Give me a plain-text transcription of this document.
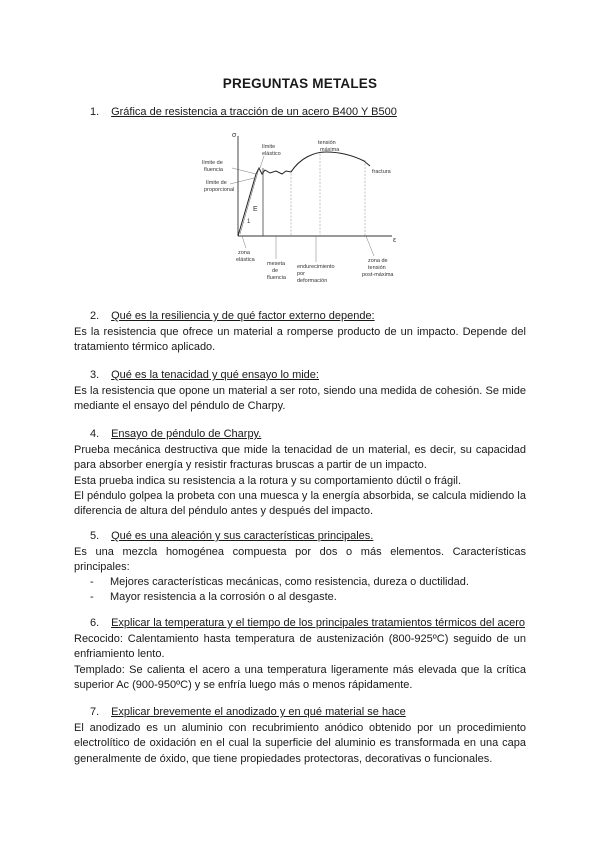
PREGUNTAS METALES
1. Gráfica de resistencia a tracción de un acero B400 Y B500
σ
ε
E
1
límite
elástico
límite de
fluencia
límite de
proporcional
tensión
máxima
fractura
zona
elástica
meseta
de
fluencia
endurecimiento
por
deformación
zona de
tensión
post-máxima
2. Qué es la resiliencia y de qué factor externo depende:

Es la resistencia que ofrece un material a romperse producto de un impacto. Depende del tratamiento térmico aplicado.

3. Qué es la tenacidad y qué ensayo lo mide:

Es la resistencia que opone un material a ser roto, siendo una medida de cohesión. Se mide mediante el ensayo del péndulo de Charpy.

4. Ensayo de péndulo de Charpy.

Prueba mecánica destructiva que mide la tenacidad de un material, es decir, su capacidad para absorber energía y resistir fracturas bruscas a partir de un impacto.

Esta prueba indica su resistencia a la rotura y su comportamiento dúctil o frágil.

El péndulo golpea la probeta con una muesca y la energía absorbida, se calcula midiendo la diferencia de altura del péndulo antes y después del impacto.

5. Qué es una aleación y sus características principales.

Es una mezcla homogénea compuesta por dos o más elementos. Características principales:

- Mejores características mecánicas, como resistencia, dureza o ductilidad.
- Mayor resistencia a la corrosión o al desgaste.
6. Explicar la temperatura y el tiempo de los principales tratamientos térmicos del acero

Recocido: Calentamiento hasta temperatura de austenización (800-925ºC) seguido de un enfriamiento lento.

Templado: Se calienta el acero a una temperatura ligeramente más elevada que la crítica superior Ac (900-950ºC) y se enfría luego más o menos rápidamente.

7. Explicar brevemente el anodizado y en qué material se hace

El anodizado es un aluminio con recubrimiento anódico obtenido por un procedimiento electrolítico de oxidación en el cual la superficie del aluminio es transformada en una capa generalmente de óxido, que tiene propiedades protectoras, decorativas o funcionales.
